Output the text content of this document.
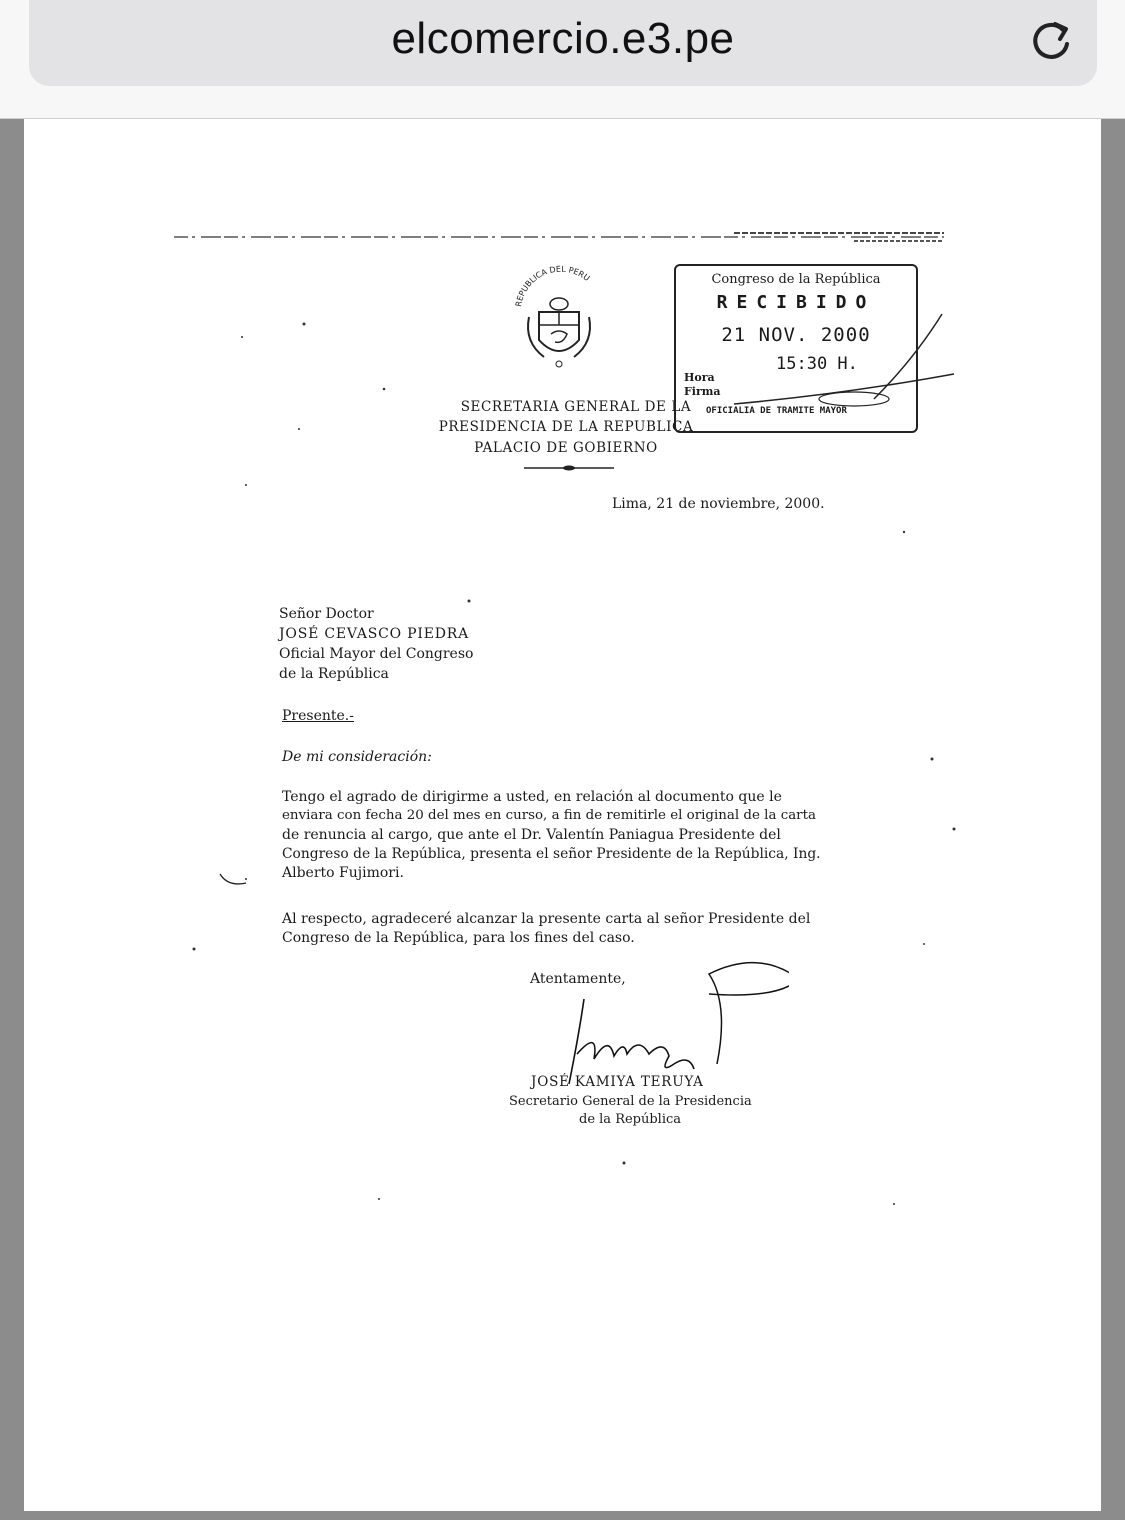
elcomercio.e3.pe
REPUBLICA DEL PERU
SECRETARIA GENERAL DE LA
PRESIDENCIA DE LA REPUBLICA
PALACIO DE GOBIERNO
Congreso de la República
RECIBIDO
21 NOV. 2000
15:30 H.
Hora
Firma
OFICIALIA DE TRAMITE MAYOR
Lima, 21 de noviembre, 2000.
Señor Doctor
JOSÉ CEVASCO PIEDRA
Oficial Mayor del Congreso
de la República
Presente.-
De mi consideración:
Tengo el agrado de dirigirme a usted, en relación al documento que le
enviara con fecha 20 del mes en curso, a fin de remitirle el original de la carta
de renuncia al cargo, que ante el Dr. Valentín Paniagua Presidente del
Congreso de la República, presenta el señor Presidente de la República, Ing.
Alberto Fujimori.
Al respecto, agradeceré alcanzar la presente carta al señor Presidente del
Congreso de la República, para los fines del caso.
Atentamente,
JOSÉ KAMIYA TERUYA
Secretario General de la Presidencia
de la República
